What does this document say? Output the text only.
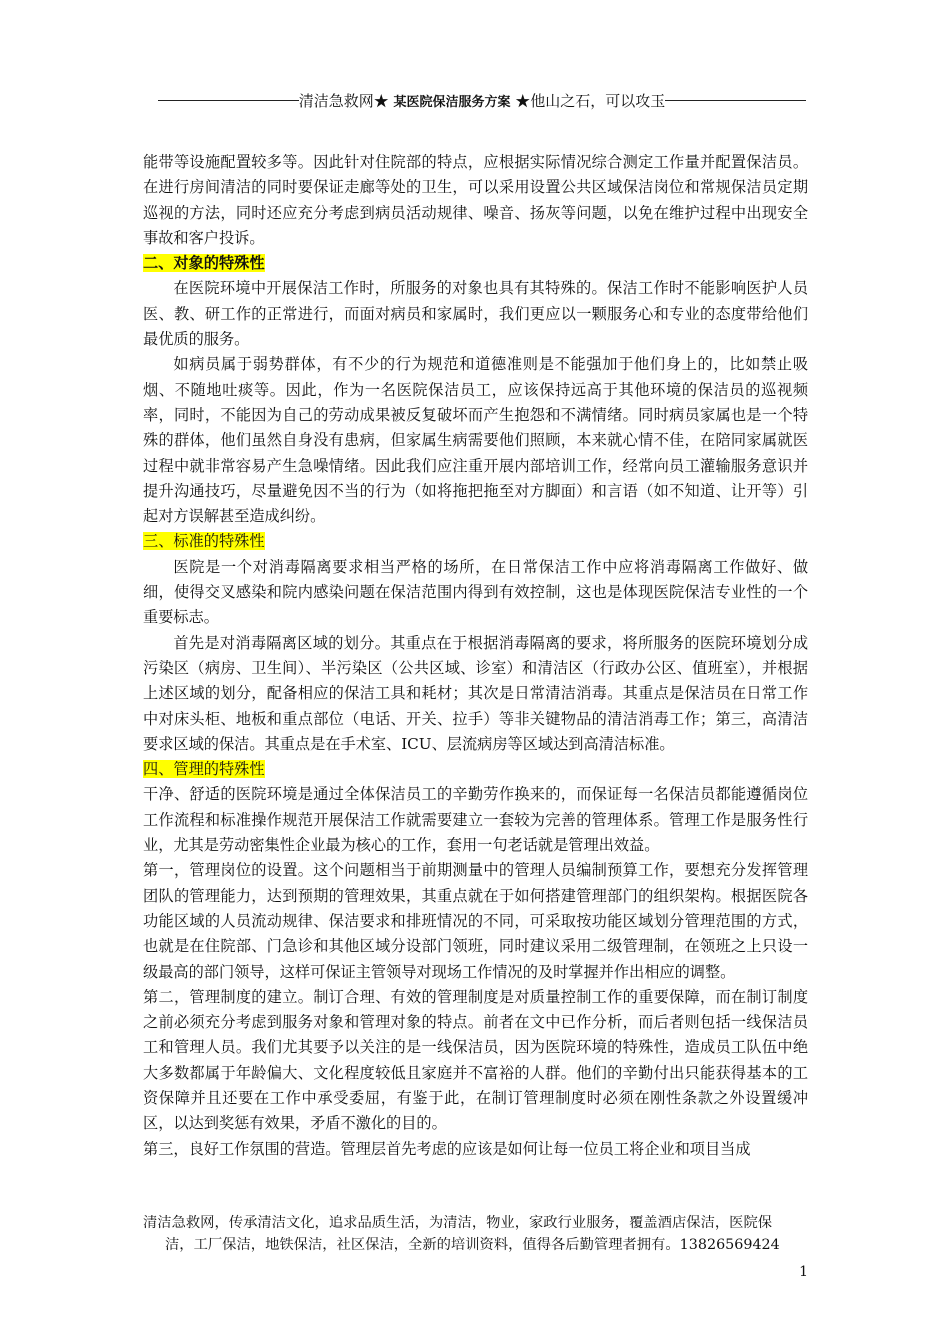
清洁急救网★ 某医院保洁服务方案 ★他山之石，可以攻玉

能带等设施配置较多等。因此针对住院部的特点，应根据实际情况综合测定工作量并配置保洁员。在进行房间清洁的同时要保证走廊等处的卫生，可以采用设置公共区域保洁岗位和常规保洁员定期巡视的方法，同时还应充分考虑到病员活动规律、噪音、扬灰等问题，以免在维护过程中出现安全事故和客户投诉。

二、对象的特殊性

在医院环境中开展保洁工作时，所服务的对象也具有其特殊的。保洁工作时不能影响医护人员医、教、研工作的正常进行，而面对病员和家属时，我们更应以一颗服务心和专业的态度带给他们最优质的服务。

如病员属于弱势群体，有不少的行为规范和道德准则是不能强加于他们身上的，比如禁止吸烟、不随地吐痰等。因此，作为一名医院保洁员工，应该保持远高于其他环境的保洁员的巡视频率，同时，不能因为自己的劳动成果被反复破坏而产生抱怨和不满情绪。同时病员家属也是一个特殊的群体，他们虽然自身没有患病，但家属生病需要他们照顾，本来就心情不佳，在陪同家属就医过程中就非常容易产生急噪情绪。因此我们应注重开展内部培训工作，经常向员工灌输服务意识并提升沟通技巧，尽量避免因不当的行为（如将拖把拖至对方脚面）和言语（如不知道、让开等）引起对方误解甚至造成纠纷。

三、标准的特殊性

医院是一个对消毒隔离要求相当严格的场所，在日常保洁工作中应将消毒隔离工作做好、做细，使得交叉感染和院内感染问题在保洁范围内得到有效控制，这也是体现医院保洁专业性的一个重要标志。

首先是对消毒隔离区域的划分。其重点在于根据消毒隔离的要求，将所服务的医院环境划分成污染区（病房、卫生间）、半污染区（公共区域、诊室）和清洁区（行政办公区、值班室），并根据上述区域的划分，配备相应的保洁工具和耗材；其次是日常清洁消毒。其重点是保洁员在日常工作中对床头柜、地板和重点部位（电话、开关、拉手）等非关键物品的清洁消毒工作；第三，高清洁要求区域的保洁。其重点是在手术室、ICU、层流病房等区域达到高清洁标准。

四、管理的特殊性

干净、舒适的医院环境是通过全体保洁员工的辛勤劳作换来的，而保证每一名保洁员都能遵循岗位工作流程和标准操作规范开展保洁工作就需要建立一套较为完善的管理体系。管理工作是服务性行业，尤其是劳动密集性企业最为核心的工作，套用一句老话就是管理出效益。

第一，管理岗位的设置。这个问题相当于前期测量中的管理人员编制预算工作，要想充分发挥管理团队的管理能力，达到预期的管理效果，其重点就在于如何搭建管理部门的组织架构。根据医院各功能区域的人员流动规律、保洁要求和排班情况的不同，可采取按功能区域划分管理范围的方式，也就是在住院部、门急诊和其他区域分设部门领班，同时建议采用二级管理制，在领班之上只设一级最高的部门领导，这样可保证主管领导对现场工作情况的及时掌握并作出相应的调整。

第二，管理制度的建立。制订合理、有效的管理制度是对质量控制工作的重要保障，而在制订制度之前必须充分考虑到服务对象和管理对象的特点。前者在文中已作分析，而后者则包括一线保洁员工和管理人员。我们尤其要予以关注的是一线保洁员，因为医院环境的特殊性，造成员工队伍中绝大多数都属于年龄偏大、文化程度较低且家庭并不富裕的人群。他们的辛勤付出只能获得基本的工资保障并且还要在工作中承受委屈，有鉴于此，在制订管理制度时必须在刚性条款之外设置缓冲区，以达到奖惩有效果，矛盾不激化的目的。

第三，良好工作氛围的营造。管理层首先考虑的应该是如何让每一位员工将企业和项目当成

清洁急救网，传承清洁文化，追求品质生活，为清洁，物业，家政行业服务，覆盖酒店保洁，医院保

洁，工厂保洁，地铁保洁，社区保洁，全新的培训资料，值得各后勤管理者拥有。13826569424

1
